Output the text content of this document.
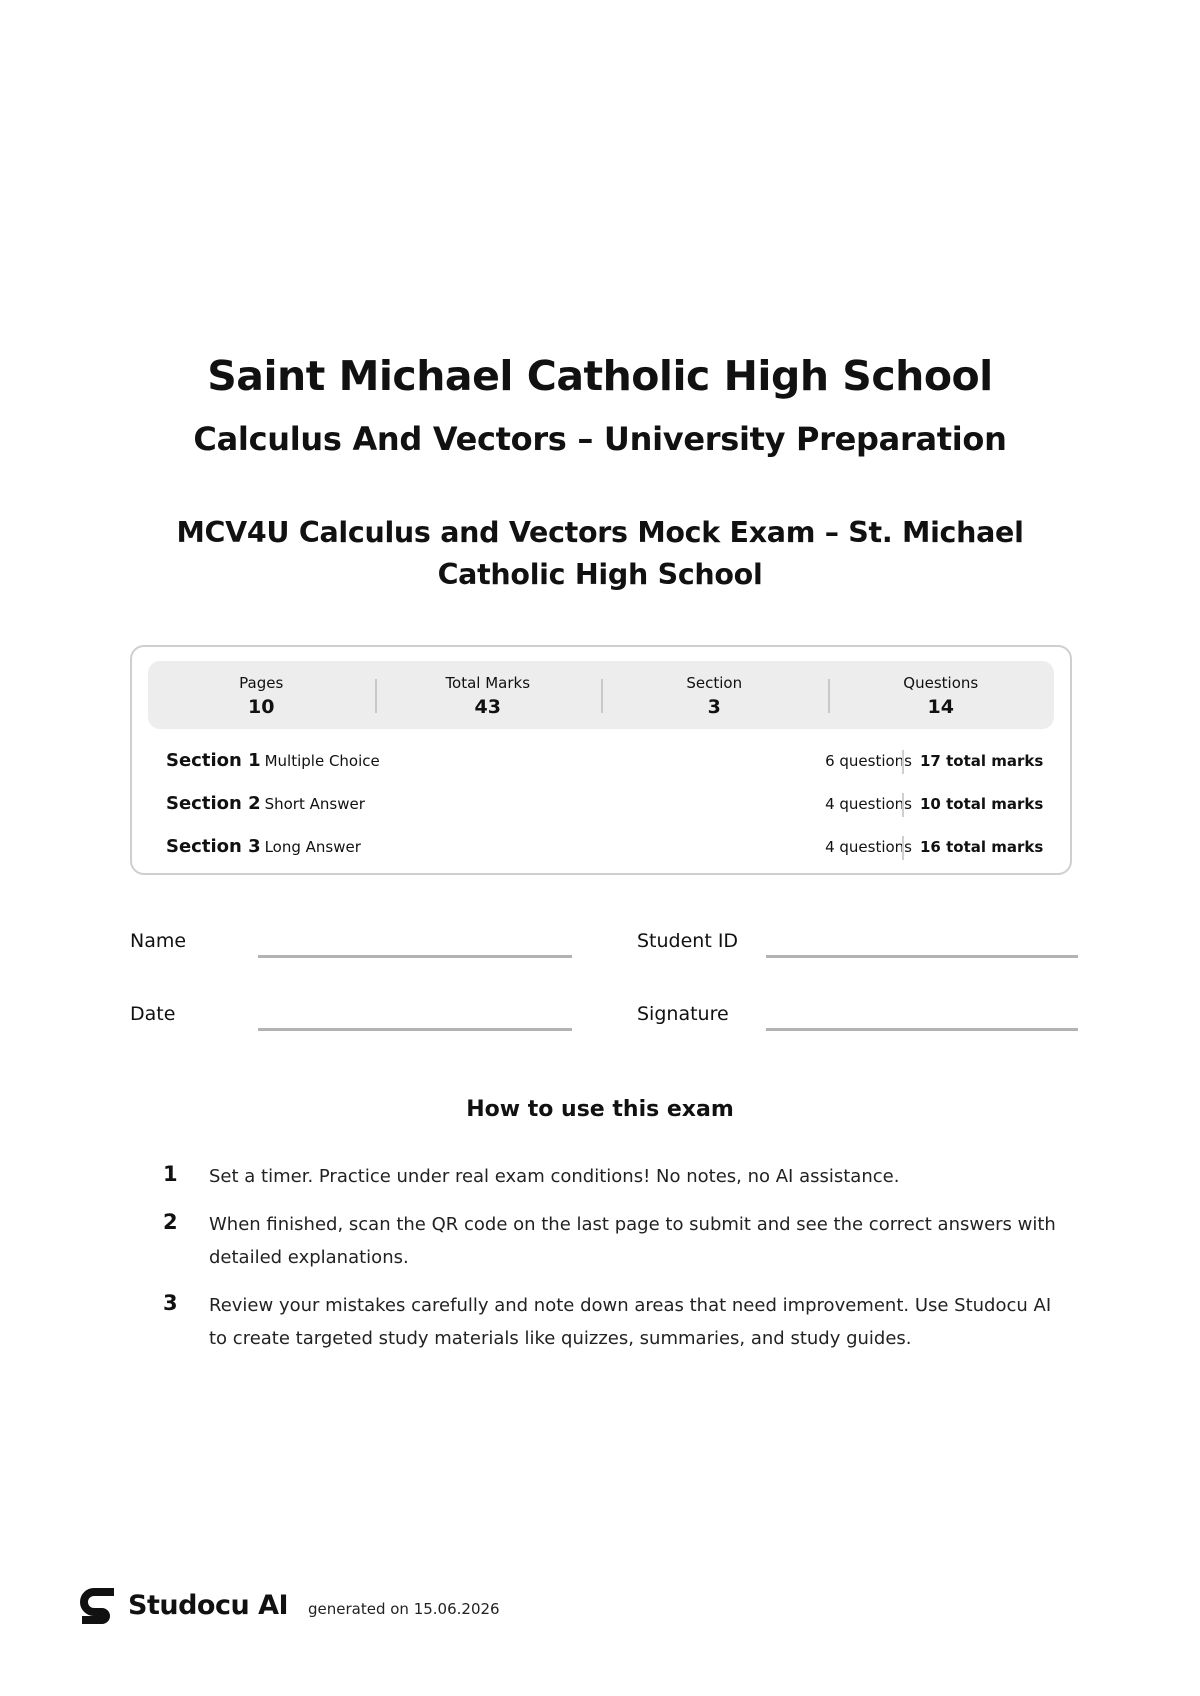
Saint Michael Catholic High School
Calculus And Vectors – University Preparation
MCV4U Calculus and Vectors Mock Exam – St. Michael Catholic High School
Pages
10
Total Marks
43
Section
3
Questions
14
Section 1 Multiple Choice	6 questions 17 total marks
Section 2 Short Answer	4 questions 10 total marks
Section 3 Long Answer	4 questions 16 total marks
Name	Student ID
Date	Signature
How to use this exam
1 Set a timer. Practice under real exam conditions! No notes, no AI assistance.
2 When finished, scan the QR code on the last page to submit and see the correct answers with detailed explanations.
3 Review your mistakes carefully and note down areas that need improvement. Use Studocu AI to create targeted study materials like quizzes, summaries, and study guides.
Studocu AI generated on 15.06.2026
